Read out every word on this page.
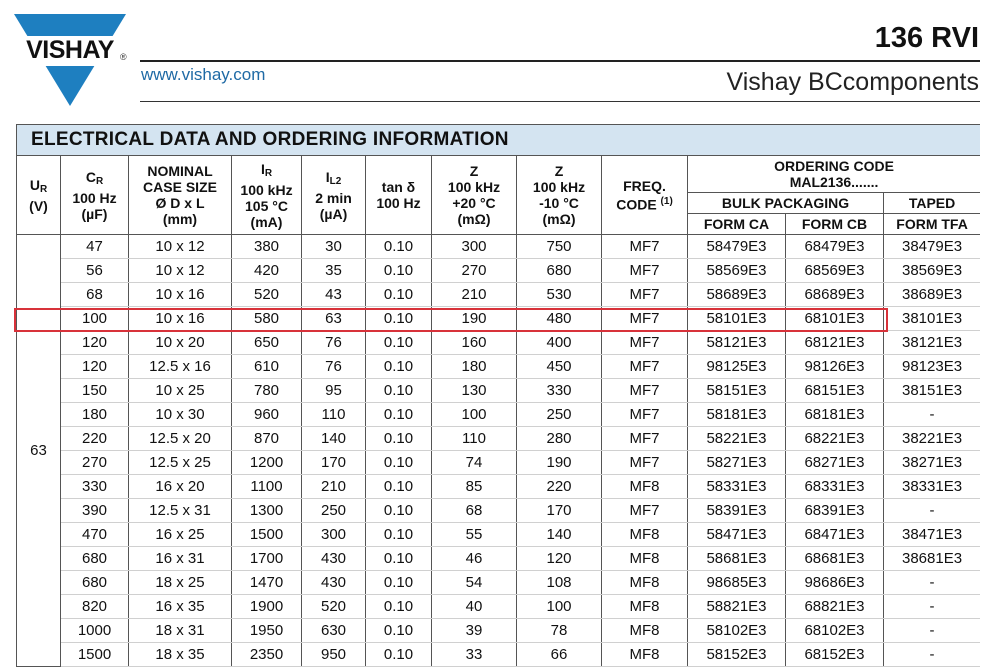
VISHAY ®
www.vishay.com
136 RVI
Vishay BCcomponents
ELECTRICAL DATA AND ORDERING INFORMATION											
$U_R$
(V)	$C_R$
100 Hz
(µF)	NOMINAL
CASE SIZE
Ø D x L
(mm)	$I_R$
100 kHz
105 °C
(mA)	$I_{L2}$
2 min
(µA)	tan δ
100 Hz	Z
100 kHz
+20 °C
(mΩ)	Z
100 kHz
-10 °C
(mΩ)	FREQ.
CODE $^{(1)}$	ORDERING CODE
MAL2136.......		
									BULK PACKAGING		TAPED
									FORM CA	FORM CB	FORM TFA
63	47	10 x 12	380	30	0.10	300	750	MF7	58479E3	68479E3	38479E3
	56	10 x 12	420	35	0.10	270	680	MF7	58569E3	68569E3	38569E3
	68	10 x 16	520	43	0.10	210	530	MF7	58689E3	68689E3	38689E3
	100	10 x 16	580	63	0.10	190	480	MF7	58101E3	68101E3	38101E3
	120	10 x 20	650	76	0.10	160	400	MF7	58121E3	68121E3	38121E3
	120	12.5 x 16	610	76	0.10	180	450	MF7	98125E3	98126E3	98123E3
	150	10 x 25	780	95	0.10	130	330	MF7	58151E3	68151E3	38151E3
	180	10 x 30	960	110	0.10	100	250	MF7	58181E3	68181E3	-
	220	12.5 x 20	870	140	0.10	110	280	MF7	58221E3	68221E3	38221E3
	270	12.5 x 25	1200	170	0.10	74	190	MF7	58271E3	68271E3	38271E3
	330	16 x 20	1100	210	0.10	85	220	MF8	58331E3	68331E3	38331E3
	390	12.5 x 31	1300	250	0.10	68	170	MF7	58391E3	68391E3	-
	470	16 x 25	1500	300	0.10	55	140	MF8	58471E3	68471E3	38471E3
	680	16 x 31	1700	430	0.10	46	120	MF8	58681E3	68681E3	38681E3
	680	18 x 25	1470	430	0.10	54	108	MF8	98685E3	98686E3	-
	820	16 x 35	1900	520	0.10	40	100	MF8	58821E3	68821E3	-
	1000	18 x 31	1950	630	0.10	39	78	MF8	58102E3	68102E3	-
	1500	18 x 35	2350	950	0.10	33	66	MF8	58152E3	68152E3	-
